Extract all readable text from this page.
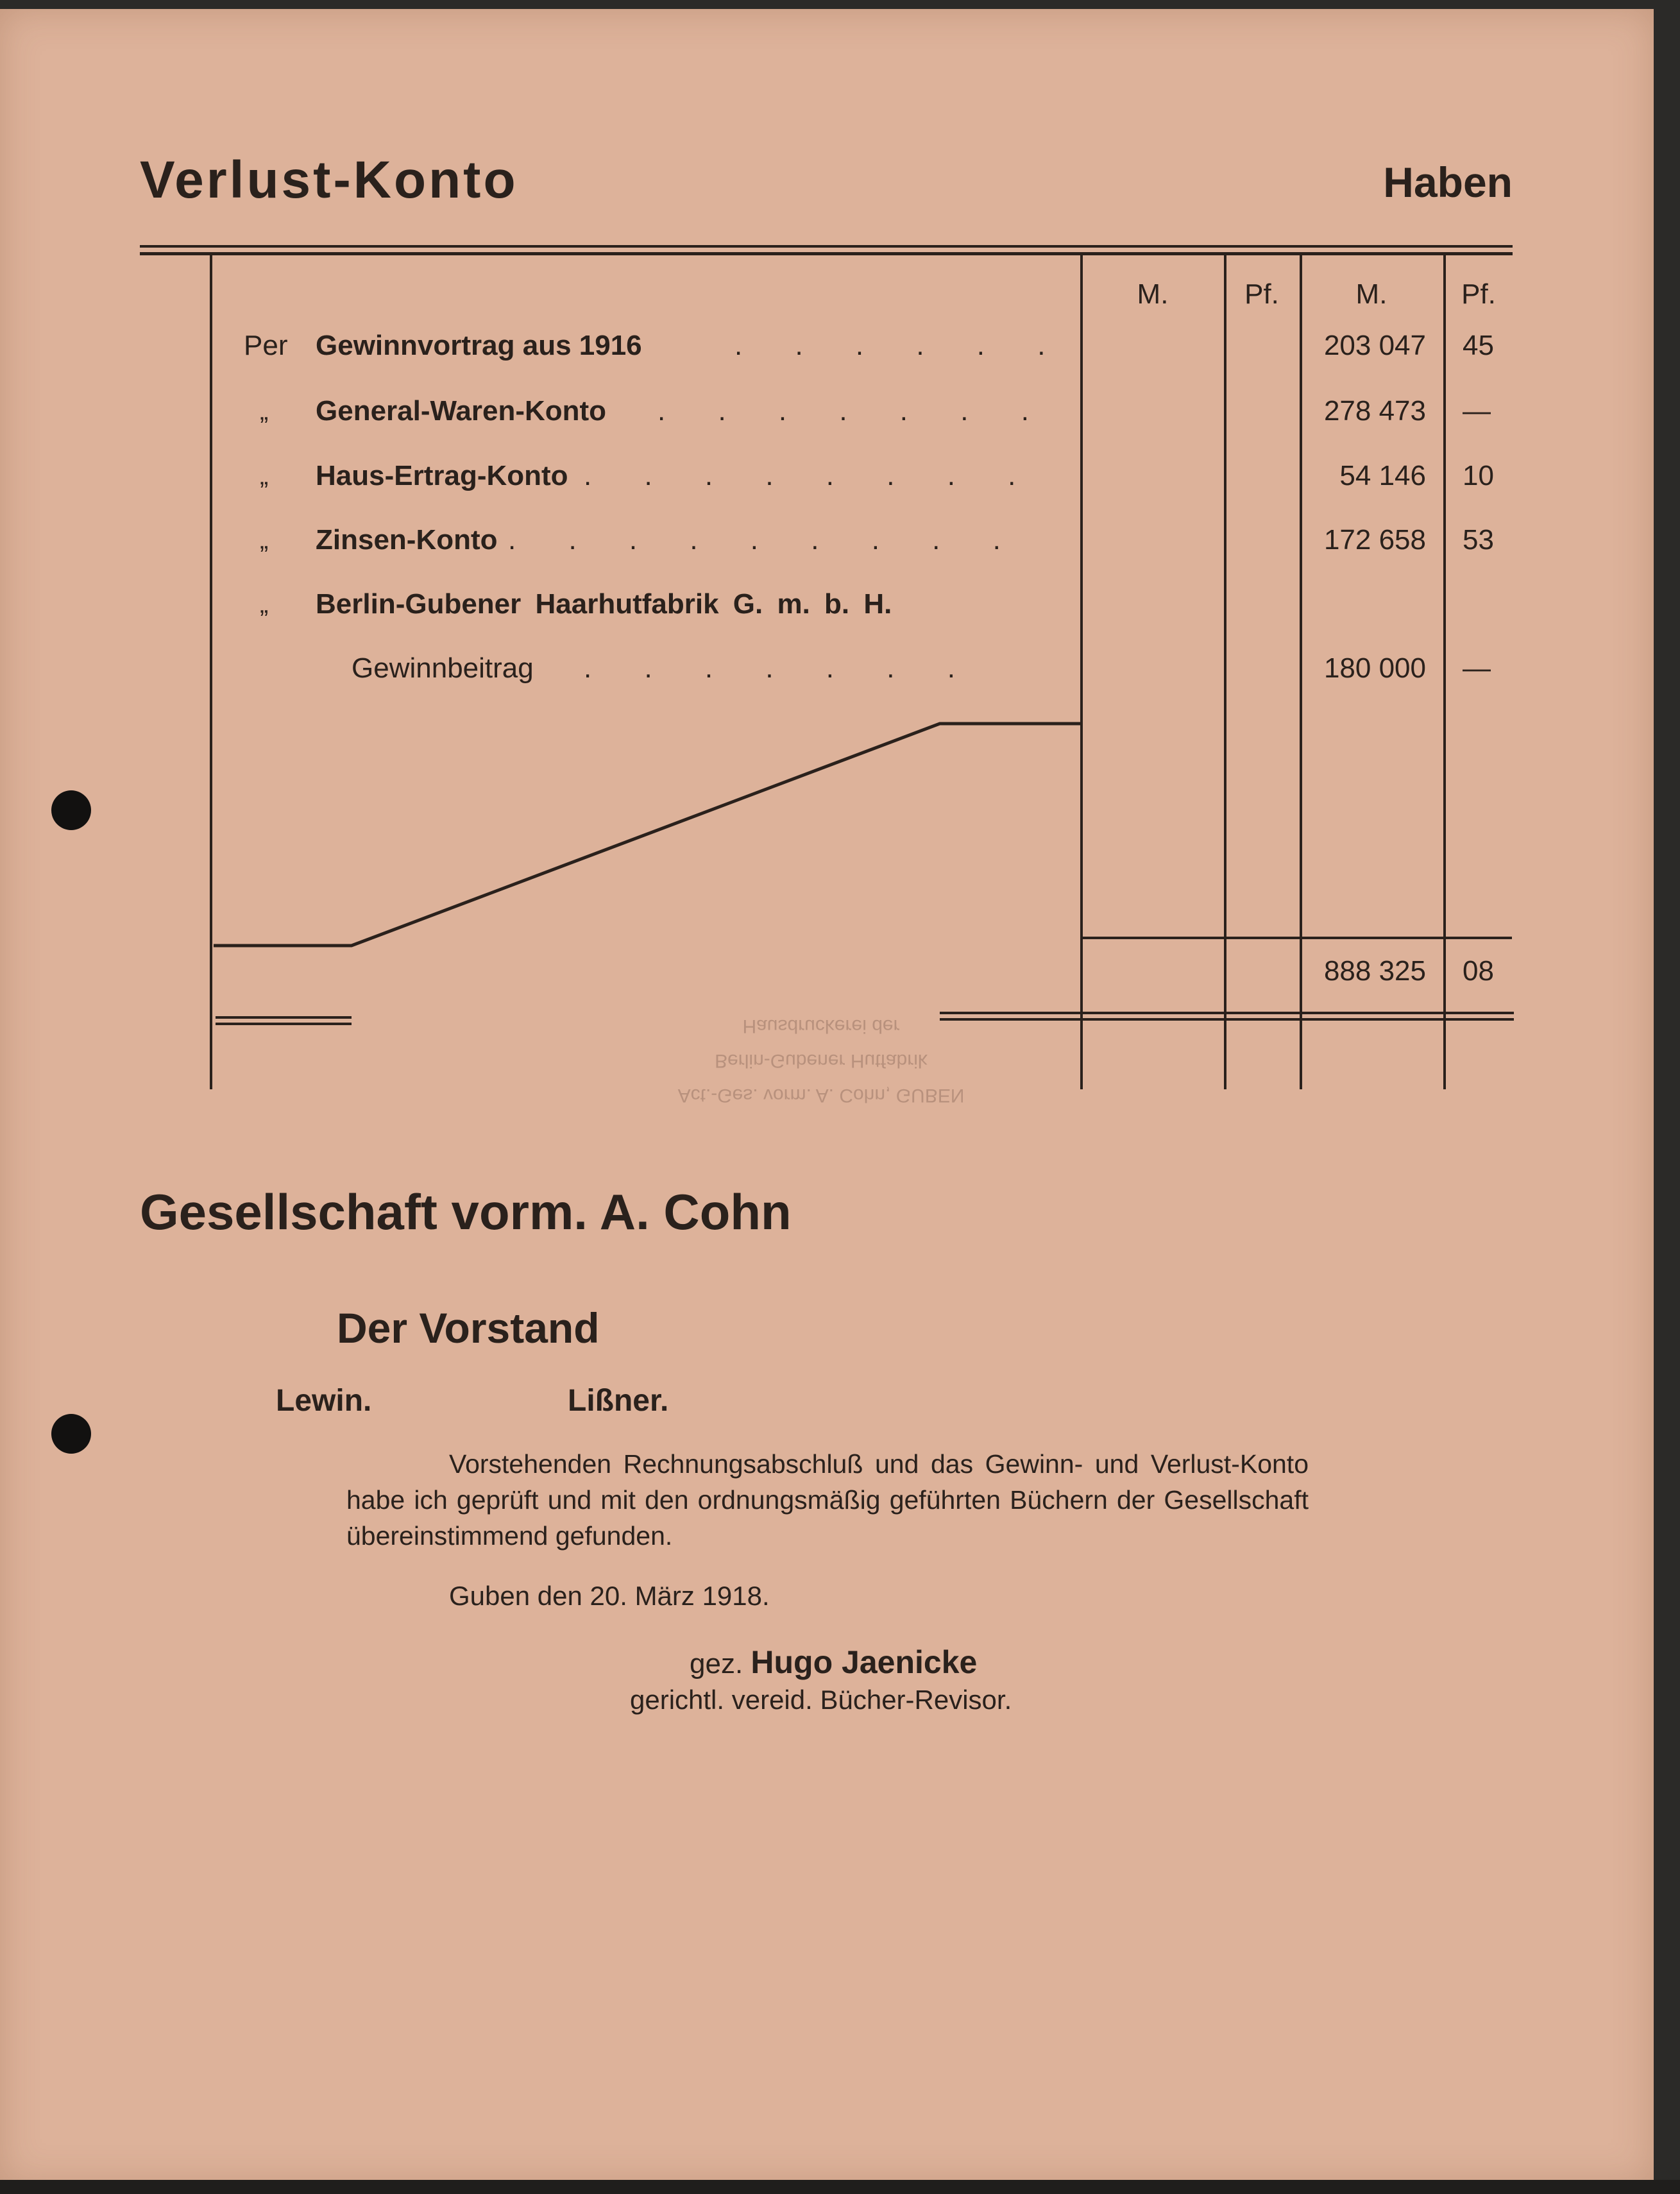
Verlust-Konto	Haben
M.	Pf.	M.	Pf.
Per Gewinnvortrag aus 1916	. . . . . .	203 047 45
„ General-Waren-Konto . . . . . . .	278 473 —
„ Haus-Ertrag-Konto . . . . . . . .	54 146 10
„ Zinsen-Konto . . . . . . . . .	172 658 53
„ Berlin-Gubener Haarhutfabrik G. m. b. H.
Gewinnbeitrag . . . . . . .	180 000 —
888 325 08
Act.-Ges. vorm. A. Cohn, GUBEN
Berlin-Gubener Hutfabrik
Hausdruckerei der
Gesellschaft vorm. A. Cohn
Der Vorstand
Lewin.	Lißner.
Vorstehenden Rechnungsabschluß und das Gewinn- und Verlust-Konto habe ich geprüft und mit den ordnungsmäßig geführten Büchern der Gesellschaft übereinstimmend gefunden.
Guben den 20. März 1918.
gez. Hugo Jaenicke
gerichtl. vereid. Bücher-Revisor.
